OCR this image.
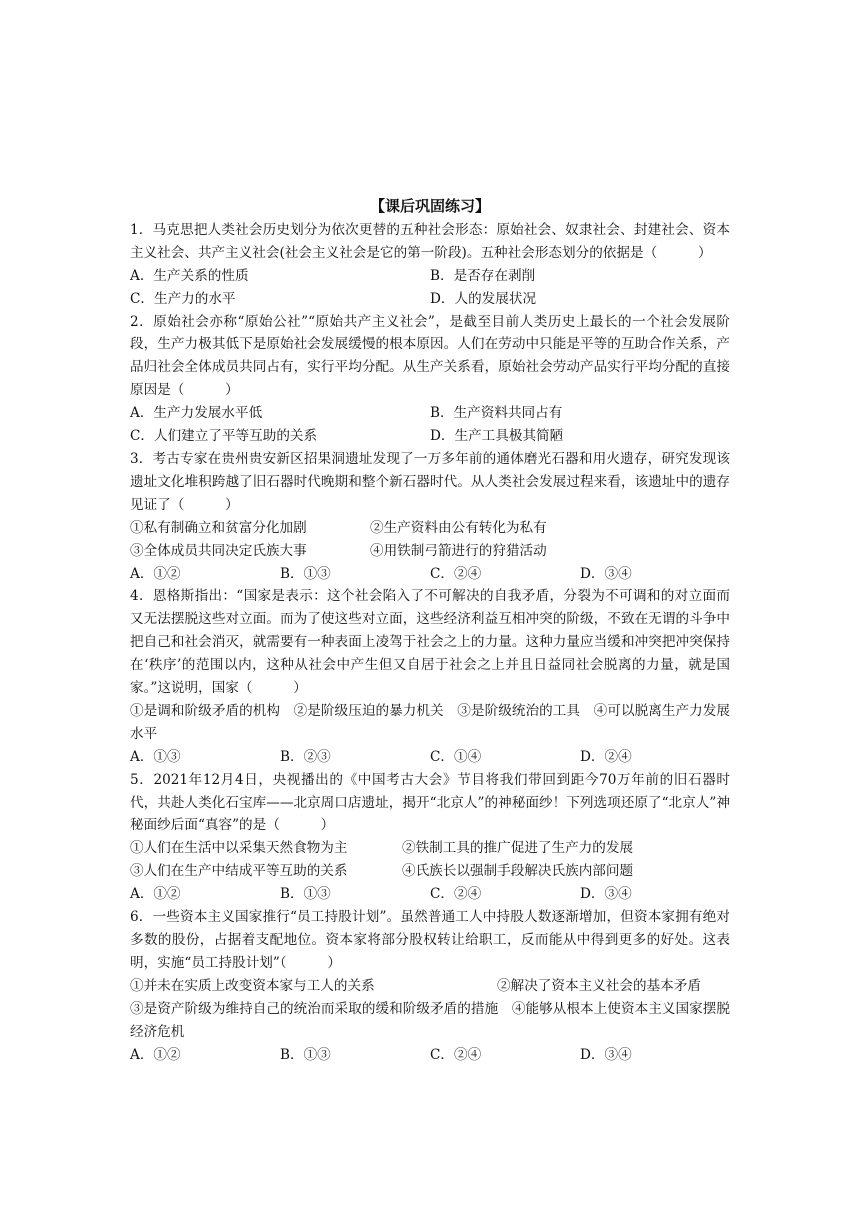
【课后巩固练习】

1．马克思把人类社会历史划分为依次更替的五种社会形态：原始社会、奴隶社会、封建社会、资本主义社会、共产主义社会(社会主义社会是它的第一阶段)。五种社会形态划分的依据是（　　　）

A．生产关系的性质	B．是否存在剥削
C．生产力的水平	D．人的发展状况

2．原始社会亦称“原始公社”“原始共产主义社会”，是截至目前人类历史上最长的一个社会发展阶段，生产力极其低下是原始社会发展缓慢的根本原因。人们在劳动中只能是平等的互助合作关系，产品归社会全体成员共同占有，实行平均分配。从生产关系看，原始社会劳动产品实行平均分配的直接原因是（　　　）

A．生产力发展水平低	B．生产资料共同占有
C．人们建立了平等互助的关系	D．生产工具极其简陋

3．考古专家在贵州贵安新区招果洞遗址发现了一万多年前的通体磨光石器和用火遗存，研究发现该遗址文化堆积跨越了旧石器时代晚期和整个新石器时代。从人类社会发展过程来看，该遗址中的遗存见证了（　　　）

①私有制确立和贫富分化加剧	②生产资料由公有转化为私有
③全体成员共同决定氏族大事	④用铁制弓箭进行的狩猎活动
A．①②	B．①③	C．②④	D．③④

4．恩格斯指出：“国家是表示：这个社会陷入了不可解决的自我矛盾，分裂为不可调和的对立面而又无法摆脱这些对立面。而为了使这些对立面，这些经济利益互相冲突的阶级，不致在无谓的斗争中把自己和社会消灭，就需要有一种表面上凌驾于社会之上的力量。这种力量应当缓和冲突把冲突保持在‘秩序’的范围以内，这种从社会中产生但又自居于社会之上并且日益同社会脱离的力量，就是国家。”这说明，国家（　　　）

①是调和阶级矛盾的机构　②是阶级压迫的暴力机关　③是阶级统治的工具　④可以脱离生产力发展水平

A．①③	B．②③	C．①④	D．②④

5．2021年12月4日，央视播出的《中国考古大会》节目将我们带回到距今70万年前的旧石器时代，共赴人类化石宝库——北京周口店遗址，揭开“北京人”的神秘面纱！下列选项还原了“北京人”神秘面纱后面“真容”的是（　　　）

①人们在生活中以采集天然食物为主	②铁制工具的推广促进了生产力的发展
③人们在生产中结成平等互助的关系	④氏族长以强制手段解决氏族内部问题
A．①②	B．①③	C．②④	D．③④

6．一些资本主义国家推行“员工持股计划”。虽然普通工人中持股人数逐渐增加，但资本家拥有绝对多数的股份，占据着支配地位。资本家将部分股权转让给职工，反而能从中得到更多的好处。这表明，实施“员工持股计划”（　　　）

①并未在实质上改变资本家与工人的关系　　　　　　　　　②解决了资本主义社会的基本矛盾

③是资产阶级为维持自己的统治而采取的缓和阶级矛盾的措施　④能够从根本上使资本主义国家摆脱经济危机

A．①②	B．①③	C．②④	D．③④
